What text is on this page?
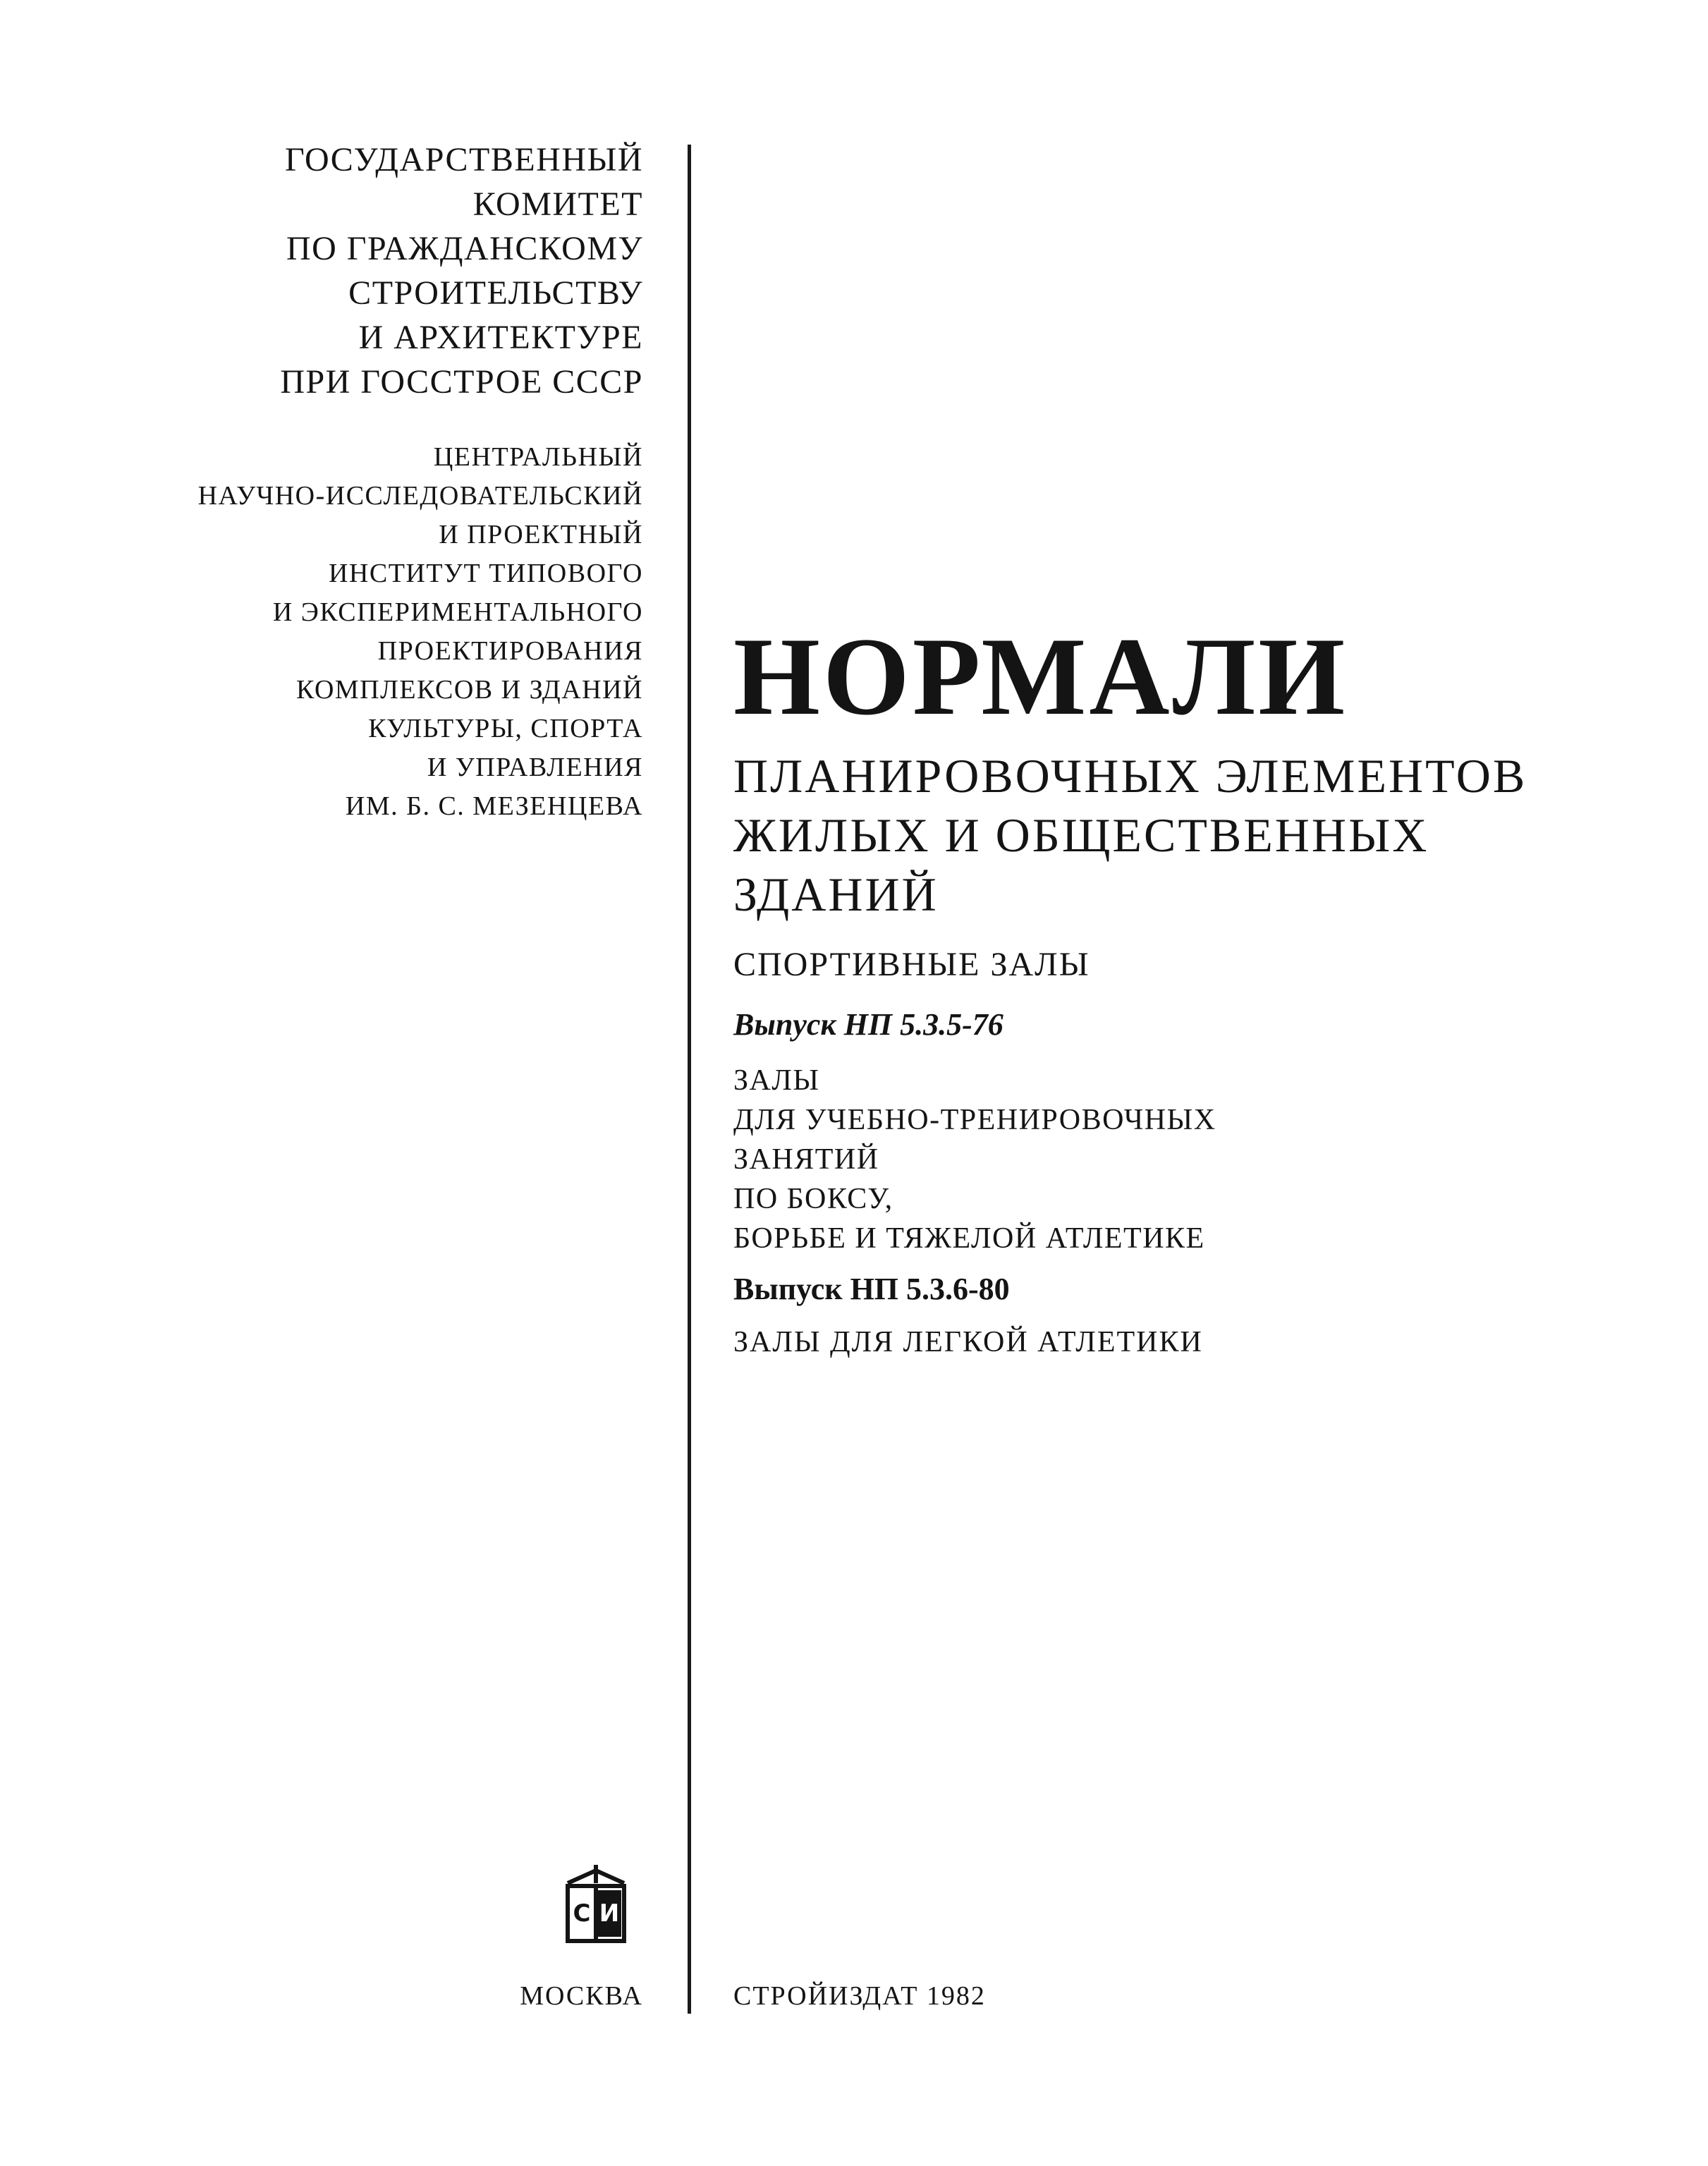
ГОСУДАРСТВЕННЫЙ
КОМИТЕТ
ПО ГРАЖДАНСКОМУ
СТРОИТЕЛЬСТВУ
И АРХИТЕКТУРЕ
ПРИ ГОССТРОЕ СССР
ЦЕНТРАЛЬНЫЙ
НАУЧНО-ИССЛЕДОВАТЕЛЬСКИЙ
И ПРОЕКТНЫЙ
ИНСТИТУТ ТИПОВОГО
И ЭКСПЕРИМЕНТАЛЬНОГО
ПРОЕКТИРОВАНИЯ
КОМПЛЕКСОВ И ЗДАНИЙ
КУЛЬТУРЫ, СПОРТА
И УПРАВЛЕНИЯ
ИМ. Б. С. МЕЗЕНЦЕВА
НОРМАЛИ
ПЛАНИРОВОЧНЫХ ЭЛЕМЕНТОВ
ЖИЛЫХ И ОБЩЕСТВЕННЫХ
ЗДАНИЙ
СПОРТИВНЫЕ ЗАЛЫ
Выпуск НП 5.3.5-76
ЗАЛЫ
ДЛЯ УЧЕБНО-ТРЕНИРОВОЧНЫХ
ЗАНЯТИЙ
ПО БОКСУ,
БОРЬБЕ И ТЯЖЕЛОЙ АТЛЕТИКЕ
Выпуск НП 5.3.6-80
ЗАЛЫ ДЛЯ ЛЕГКОЙ АТЛЕТИКИ
С И
МОСКВА	СТРОЙИЗДАТ 1982
